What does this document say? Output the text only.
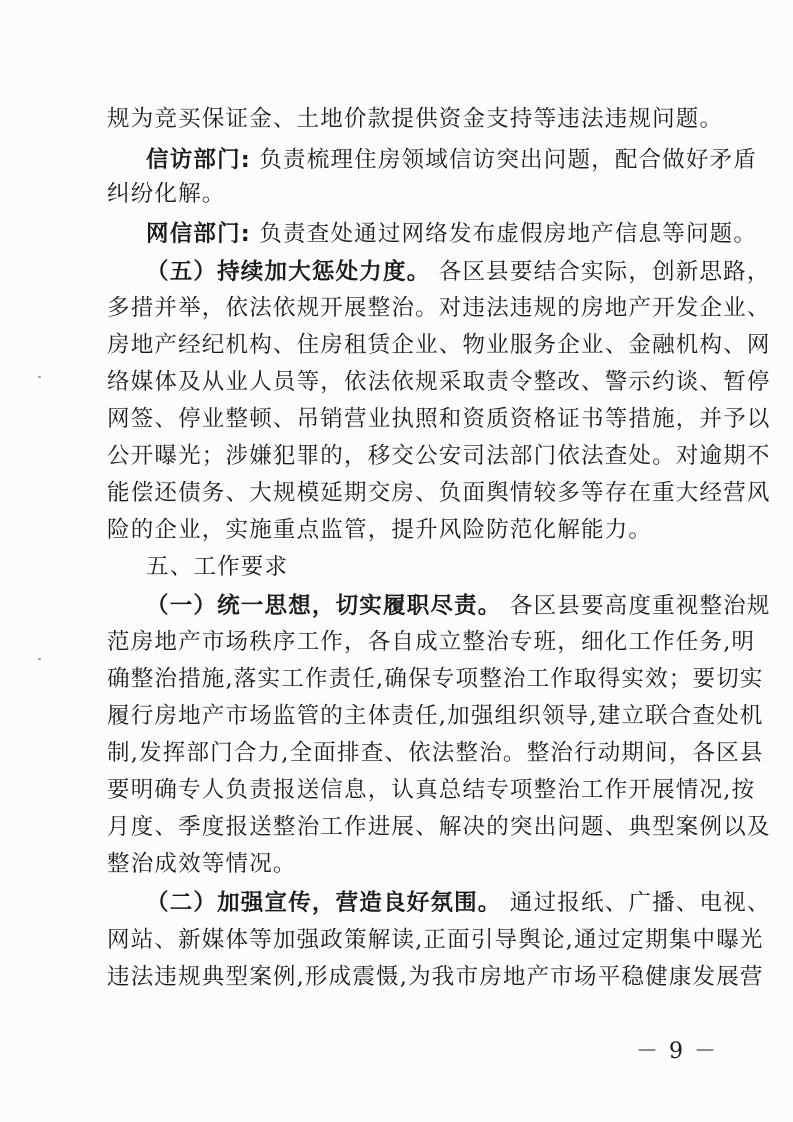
规为竞买保证金、土地价款提供资金支持等违法违规问题。
信访部门: 负责梳理住房领域信访突出问题，配合做好矛盾
纠纷化解。
网信部门: 负责查处通过网络发布虚假房地产信息等问题。
（五）持续加大惩处力度。 各区县要结合实际，创新思路，
多措并举，依法依规开展整治。对违法违规的房地产开发企业、
房地产经纪机构、住房租赁企业、物业服务企业、金融机构、网
络媒体及从业人员等，依法依规采取责令整改、警示约谈、暂停
网签、停业整顿、吊销营业执照和资质资格证书等措施，并予以
公开曝光；涉嫌犯罪的，移交公安司法部门依法查处。对逾期不
能偿还债务、大规模延期交房、负面舆情较多等存在重大经营风
险的企业，实施重点监管，提升风险防范化解能力。
五、工作要求
（一）统一思想，切实履职尽责。 各区县要高度重视整治规
范房地产市场秩序工作，各自成立整治专班，细化工作任务,明
确整治措施,落实工作责任,确保专项整治工作取得实效；要切实
履行房地产市场监管的主体责任,加强组织领导,建立联合查处机
制,发挥部门合力,全面排查、依法整治。整治行动期间，各区县
要明确专人负责报送信息，认真总结专项整治工作开展情况,按
月度、季度报送整治工作进展、解决的突出问题、典型案例以及
整治成效等情况。
（二）加强宣传，营造良好氛围。 通过报纸、广播、电视、
网站、新媒体等加强政策解读,正面引导舆论,通过定期集中曝光
违法违规典型案例,形成震慑,为我市房地产市场平稳健康发展营
－ 9 －
